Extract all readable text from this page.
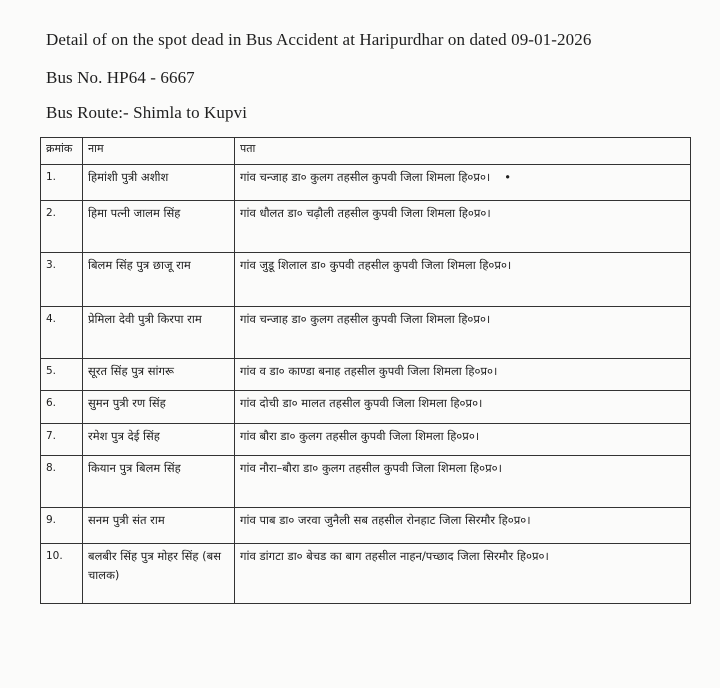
Detail of on the spot dead in Bus Accident at Haripurdhar on dated 09-01-2026
Bus No. HP64 - 6667
Bus Route:- Shimla to Kupvi
क्रमांक	नाम	पता
1.	हिमांशी पुत्री अशीश	गांव चन्जाह डा० कुलग तहसील कुपवी जिला शिमला हि०प्र०। •
2.	हिमा पत्नी जालम सिंह	गांव धौलत डा० चढ़ौली तहसील कुपवी जिला शिमला हि०प्र०।
3.	बिलम सिंह पुत्र छाजू राम	गांव जुडू शिलाल डा० कुपवी तहसील कुपवी जिला शिमला हि०प्र०।
4.	प्रेमिला देवी पुत्री किरपा राम	गांव चन्जाह डा० कुलग तहसील कुपवी जिला शिमला हि०प्र०।
5.	सूरत सिंह पुत्र सांगरू	गांव व डा० काण्डा बनाह तहसील कुपवी जिला शिमला हि०प्र०।
6.	सुमन पुत्री रण सिंह	गांव दोची डा० मालत तहसील कुपवी जिला शिमला हि०प्र०।
7.	रमेश पुत्र देई सिंह	गांव बौरा डा० कुलग तहसील कुपवी जिला शिमला हि०प्र०।
8.	कियान पुत्र बिलम सिंह	गांव नौरा–बौरा डा० कुलग तहसील कुपवी जिला शिमला हि०प्र०।
9.	सनम पुत्री संत राम	गांव पाब डा० जरवा जुनैली सब तहसील रोनहाट जिला सिरमौर हि०प्र०।
10.	बलबीर सिंह पुत्र मोहर सिंह (बस चालक)	गांव डांगटा डा० बेचड का बाग तहसील नाहन/पच्छाद जिला सिरमौर हि०प्र०।
